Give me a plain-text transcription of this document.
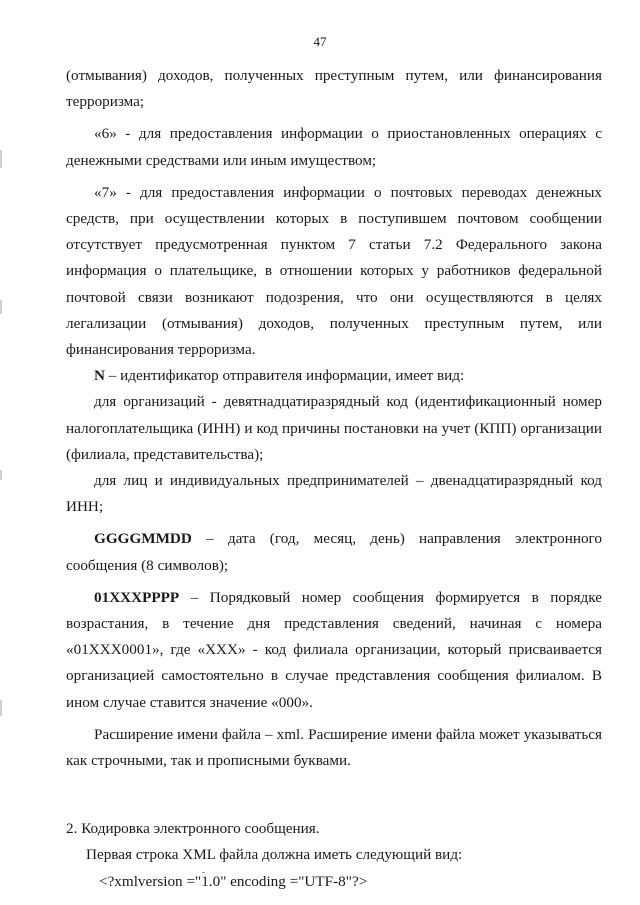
47

(отмывания) доходов, полученных преступным путем, или финансирования терроризма;

«6» - для предоставления информации о приостановленных операциях с денежными средствами или иным имуществом;

«7» - для предоставления информации о почтовых переводах денежных средств, при осуществлении которых в поступившем почтовом сообщении отсутствует предусмотренная пунктом 7 статьи 7.2 Федерального закона информация о плательщике, в отношении которых у работников федеральной почтовой связи возникают подозрения, что они осуществляются в целях легализации (отмывания) доходов, полученных преступным путем, или финансирования терроризма.

N – идентификатор отправителя информации, имеет вид:

для организаций - девятнадцатиразрядный код (идентификационный номер налогоплательщика (ИНН) и код причины постановки на учет (КПП) организации (филиала, представительства);

для лиц и индивидуальных предпринимателей – двенадцатиразрядный код ИНН;

GGGGMMDD – дата (год, месяц, день) направления электронного сообщения (8 символов);

01XXXPPPP – Порядковый номер сообщения формируется в порядке возрастания, в течение дня представления сведений, начиная с номера «01XXX0001», где «XXX» - код филиала организации, который присваивается организацией самостоятельно в случае представления сообщения филиалом. В ином случае ставится значение «000».

Расширение имени файла – xml. Расширение имени файла может указываться как строчными, так и прописными буквами.

2. Кодировка электронного сообщения.

Первая строка XML файла должна иметь следующий вид:

<?xmlversion ="1.0" encoding ="UTF-8"?>
